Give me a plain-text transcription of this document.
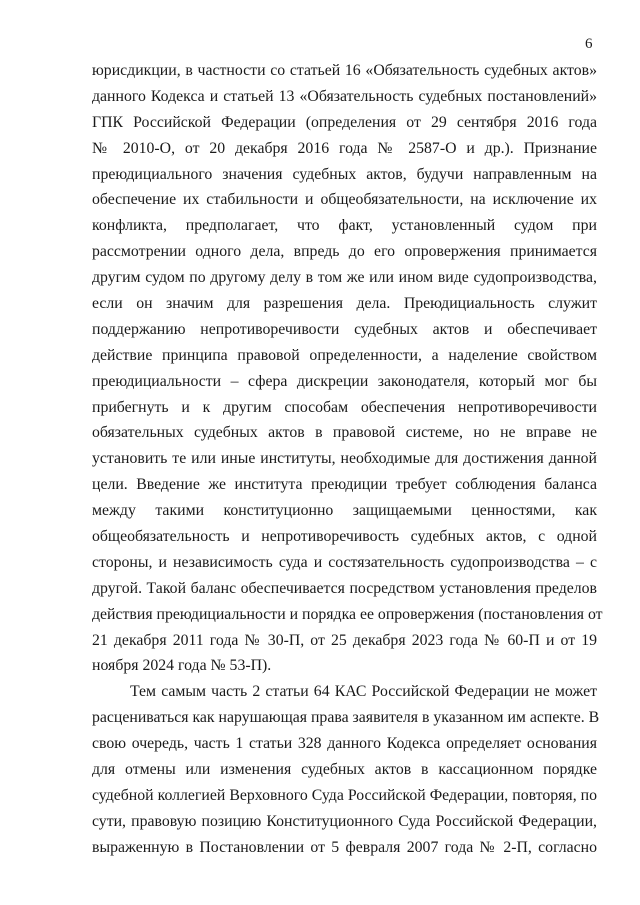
6
юрисдикции, в частности со статьей 16 «Обязательность судебных актов»
данного Кодекса и статьей 13 «Обязательность судебных постановлений»
ГПК Российской Федерации (определения от 29 сентября 2016 года
№ 2010-О, от 20 декабря 2016 года № 2587-О и др.). Признание
преюдициального значения судебных актов, будучи направленным на
обеспечение их стабильности и общеобязательности, на исключение их
конфликта, предполагает, что факт, установленный судом при
рассмотрении одного дела, впредь до его опровержения принимается
другим судом по другому делу в том же или ином виде судопроизводства,
если он значим для разрешения дела. Преюдициальность служит
поддержанию непротиворечивости судебных актов и обеспечивает
действие принципа правовой определенности, а наделение свойством
преюдициальности – сфера дискреции законодателя, который мог бы
прибегнуть и к другим способам обеспечения непротиворечивости
обязательных судебных актов в правовой системе, но не вправе не
установить те или иные институты, необходимые для достижения данной
цели. Введение же института преюдиции требует соблюдения баланса
между такими конституционно защищаемыми ценностями, как
общеобязательность и непротиворечивость судебных актов, с одной
стороны, и независимость суда и состязательность судопроизводства – с
другой. Такой баланс обеспечивается посредством установления пределов
действия преюдициальности и порядка ее опровержения (постановления от
21 декабря 2011 года № 30-П, от 25 декабря 2023 года № 60-П и от 19
ноября 2024 года № 53-П).
Тем самым часть 2 статьи 64 КАС Российской Федерации не может
расцениваться как нарушающая права заявителя в указанном им аспекте. В
свою очередь, часть 1 статьи 328 данного Кодекса определяет основания
для отмены или изменения судебных актов в кассационном порядке
судебной коллегией Верховного Суда Российской Федерации, повторяя, по
сути, правовую позицию Конституционного Суда Российской Федерации,
выраженную в Постановлении от 5 февраля 2007 года № 2-П, согласно
